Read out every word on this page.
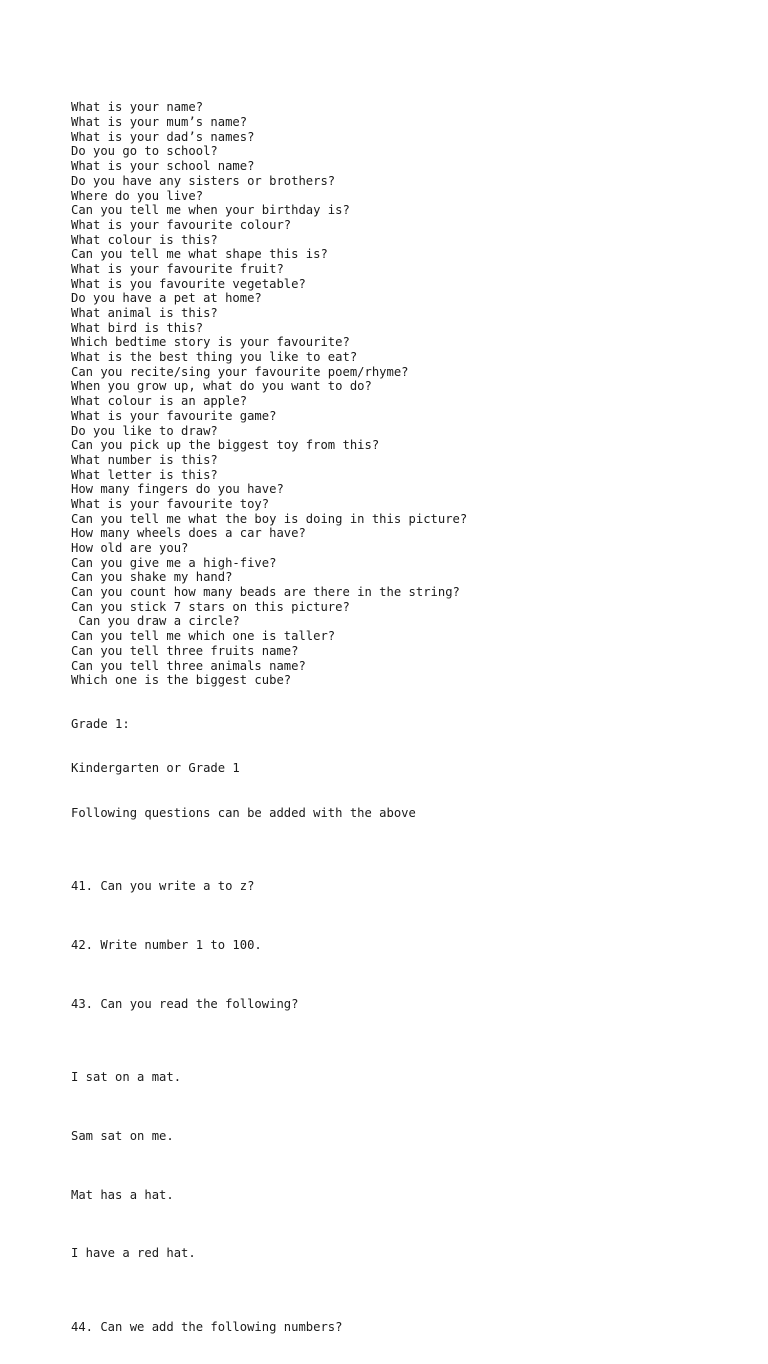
What is your name?
What is your mum’s name?
What is your dad’s names?
Do you go to school?
What is your school name?
Do you have any sisters or brothers?
Where do you live?
Can you tell me when your birthday is?
What is your favourite colour?
What colour is this?
Can you tell me what shape this is?
What is your favourite fruit?
What is you favourite vegetable?
Do you have a pet at home?
What animal is this?
What bird is this?
Which bedtime story is your favourite?
What is the best thing you like to eat?
Can you recite/sing your favourite poem/rhyme?
When you grow up, what do you want to do?
What colour is an apple?
What is your favourite game?
Do you like to draw?
Can you pick up the biggest toy from this?
What number is this?
What letter is this?
How many fingers do you have?
What is your favourite toy?
Can you tell me what the boy is doing in this picture?
How many wheels does a car have?
How old are you?
Can you give me a high-five?
Can you shake my hand?
Can you count how many beads are there in the string?
Can you stick 7 stars on this picture?
Can you draw a circle?
Can you tell me which one is taller?
Can you tell three fruits name?
Can you tell three animals name?
Which one is the biggest cube?

Grade 1:

Kindergarten or Grade 1

Following questions can be added with the above

41. Can you write a to z?

42. Write number 1 to 100.

43. Can you read the following?

I sat on a mat.

Sam sat on me.

Mat has a hat.

I have a red hat.

44. Can we add the following numbers?
